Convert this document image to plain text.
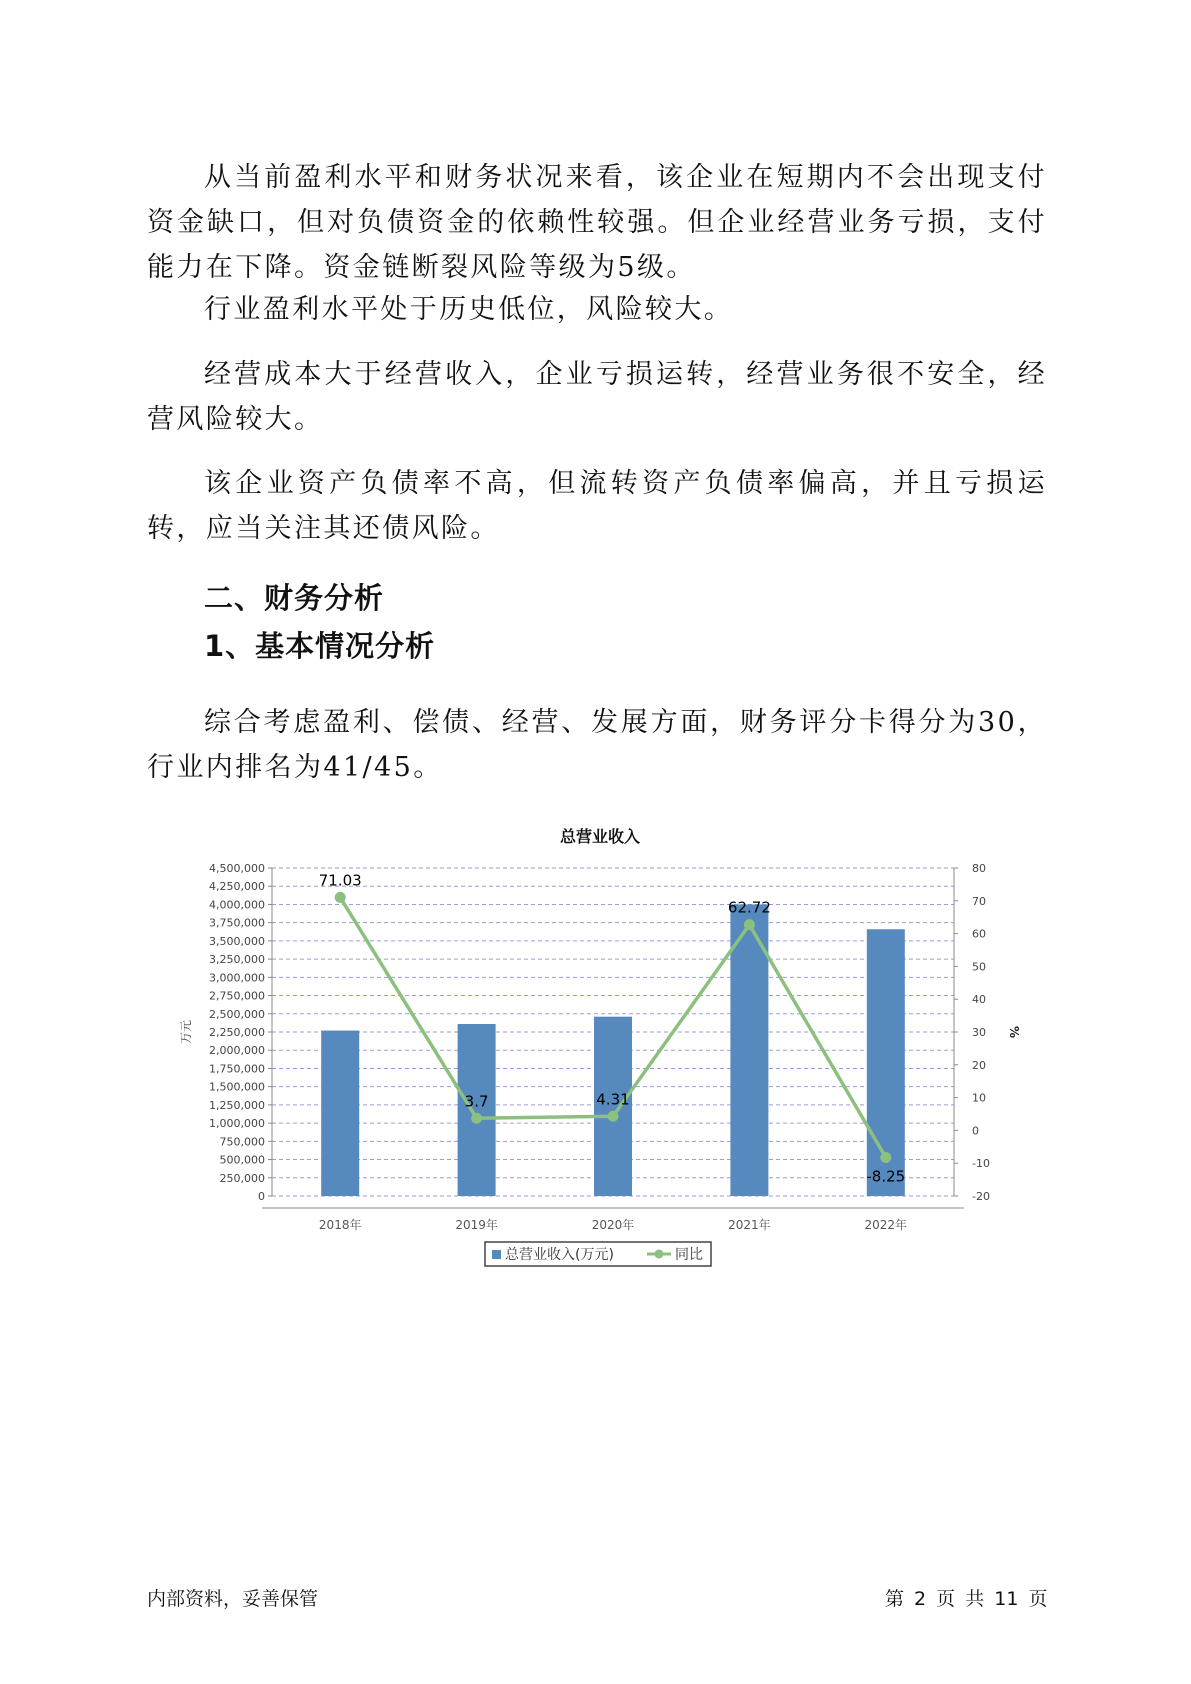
从当前盈利水平和财务状况来看，该企业在短期内不会出现支付资金缺口，但对负债资金的依赖性较强。但企业经营业务亏损，支付能力在下降。资金链断裂风险等级为5级。

行业盈利水平处于历史低位，风险较大。

经营成本大于经营收入，企业亏损运转，经营业务很不安全，经营风险较大。

该企业资产负债率不高，但流转资产负债率偏高，并且亏损运转，应当关注其还债风险。

二、财务分析
1、基本情况分析

综合考虑盈利、偿债、经营、发展方面，财务评分卡得分为30，行业内排名为41/45。

总营业收入
4,500,000
4,250,000
4,000,000
3,750,000
3,500,000
3,250,000
3,000,000
2,750,000
2,500,000
2,250,000
2,000,000
1,750,000
1,500,000
1,250,000
1,000,000
750,000
500,000
250,000
0
80
70
60
50
40
30
20
10
0
-10
-20
万元	%
2018年	2019年	2020年	2021年	2022年
71.03
3.7	4.31
62.72
-8.25
总营业收入(万元)	同比
内部资料，妥善保管	第 2 页 共 11 页
